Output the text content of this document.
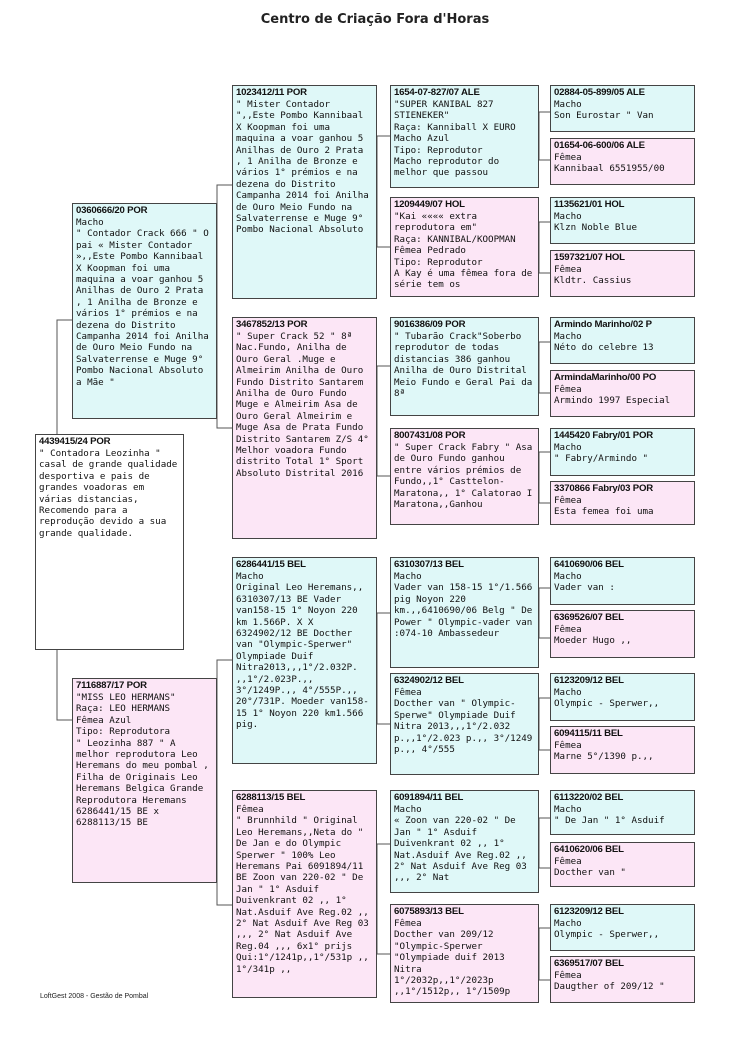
Centro de Criação Fora d'Horas
4439415/24 POR
" Contadora Leozinha " casal de grande qualidade desportiva e pais de grandes voadoras em várias distancias, Recomendo para a reprodução devido a sua grande qualidade.
0360666/20 POR
Macho
" Contador Crack 666 " O pai « Mister Contador »,,Este Pombo Kannibaal X Koopman foi uma maquina a voar ganhou 5 Anilhas de Ouro 2 Prata , 1 Anilha de Bronze e vários 1° prémios e na dezena do Distrito Campanha 2014 foi Anilha de Ouro Meio Fundo na Salvaterrense e Muge 9° Pombo Nacional Absoluto a Mãe "
7116887/17 POR
"MISS LEO HERMANS"
Raça: LEO HERMANS
Fêmea Azul
Tipo: Reprodutora
" Leozinha 887 " A melhor reprodutora Leo Heremans do meu pombal , Filha de Originais Leo Heremans Belgica Grande Reprodutora Heremans 6286441/15 BE x 6288113/15 BE
1023412/11 POR
" Mister Contador ",,Este Pombo Kannibaal X Koopman foi uma maquina a voar ganhou 5 Anilhas de Ouro 2 Prata , 1 Anilha de Bronze e vários 1° prémios e na dezena do Distrito Campanha 2014 foi Anilha de Ouro Meio Fundo na Salvaterrense e Muge 9° Pombo Nacional Absoluto
3467852/13 POR
" Super Crack 52 " 8ª Nac.Fundo, Anilha de Ouro Geral .Muge e Almeirim Anilha de Ouro Fundo Distrito Santarem Anilha de Ouro Fundo Muge e Almeirim Asa de Ouro Geral Almeirim e Muge Asa de Prata Fundo Distrito Santarem Z/S 4° Melhor voadora Fundo distrito Total 1° Sport Absoluto Distrital 2016
6286441/15 BEL
Macho
Original Leo Heremans,, 6310307/13 BE Vader van158-15 1° Noyon 220 km 1.566P. X X 6324902/12 BE Docther van "Olympic-Sperwer" Olympiade Duif Nitra2013,,,1°/2.032P. ,,1°/2.023P.,, 3°/1249P.,, 4°/555P.,, 20°/731P. Moeder van158-15 1° Noyon 220 km1.566 pig.
6288113/15 BEL
Fêmea
" Brunnhild " Original Leo Heremans,,Neta do " De Jan e do Olympic Sperwer " 100% Leo Heremans Pai 6091894/11 BE Zoon van 220-02 " De Jan " 1° Asduif Duivenkrant 02 ,, 1° Nat.Asduif Ave Reg.02 ,, 2° Nat Asduif Ave Reg 03 ,,, 2° Nat Asduif Ave Reg.04 ,,, 6x1° prijs Qui:1°/1241p,,1°/531p ,, 1°/341p ,,
1654-07-827/07 ALE
"SUPER KANIBAL 827 STIENEKER"
Raça: Kanniball X EURO
Macho Azul
Tipo: Reprodutor
Macho reprodutor do melhor que passou
1209449/07 HOL
"Kai «««« extra reprodutora em"
Raça: KANNIBAL/KOOPMAN
Fêmea Pedrado
Tipo: Reprodutor
A Kay é uma fêmea fora de série tem os
9016386/09 POR
" Tubarão Crack"Soberbo reprodutor de todas distancias 386 ganhou Anilha de Ouro Distrital Meio Fundo e Geral Pai da 8ª
8007431/08 POR
" Super Crack Fabry " Asa de Ouro Fundo ganhou entre vários prémios de Fundo,,1° Casttelon-Maratona,, 1° Calatorao I Maratona,,Ganhou
6310307/13 BEL
Macho
Vader van 158-15 1°/1.566 pig Noyon 220 km.,,6410690/06 Belg " De Power " Olympic-vader van :074-10 Ambassedeur
6324902/12 BEL
Fêmea
Docther van " Olympic- Sperwe" Olympiade Duif Nitra 2013,,,1°/2.032 p.,,1°/2.023 p.,, 3°/1249 p.,, 4°/555
6091894/11 BEL
Macho
« Zoon van 220-02 " De Jan " 1° Asduif Duivenkrant 02 ,, 1° Nat.Asduif Ave Reg.02 ,, 2° Nat Asduif Ave Reg 03 ,,, 2° Nat
6075893/13 BEL
Fêmea
Docther van 209/12 "Olympic-Sperwer "Olympiade duif 2013 Nitra
1°/2032p,,1°/2023p ,,1°/1512p,, 1°/1509p
02884-05-899/05 ALE
Macho
Son Eurostar " Van
01654-06-600/06 ALE
Fêmea
Kannibaal 6551955/00
1135621/01 HOL
Macho
Klzn Noble Blue
1597321/07 HOL
Fêmea
Kldtr. Cassius
Armindo Marinho/02 P
Macho
Néto do celebre 13
ArmindaMarinho/00 PO
Fêmea
Armindo 1997 Especial
1445420 Fabry/01 POR
Macho
" Fabry/Armindo "
3370866 Fabry/03 POR
Fêmea
Esta femea foi uma
6410690/06 BEL
Macho
Vader van :
6369526/07 BEL
Fêmea
Moeder Hugo ,,
6123209/12 BEL
Macho
Olympic - Sperwer,,
6094115/11 BEL
Fêmea
Marne 5°/1390 p.,,
6113220/02 BEL
Macho
" De Jan " 1° Asduif
6410620/06 BEL
Fêmea
Docther van "
6123209/12 BEL
Macho
Olympic - Sperwer,,
6369517/07 BEL
Fêmea
Daugther of 209/12 "
LoftGest 2008 - Gestão de Pombal
